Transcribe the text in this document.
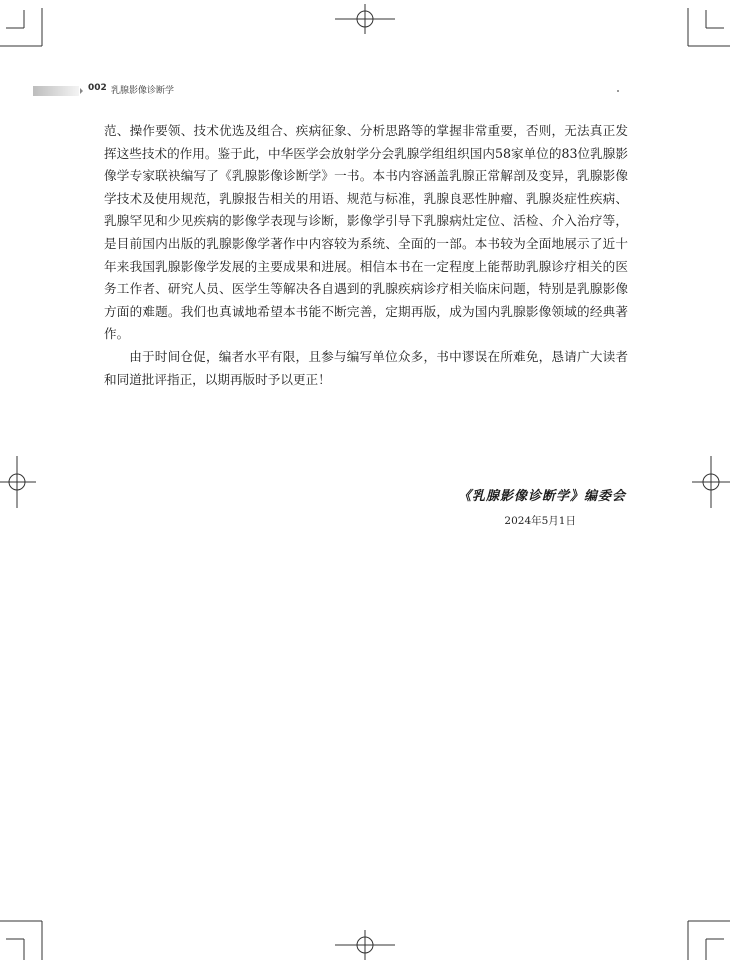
002 乳腺影像诊断学

范、操作要领、技术优选及组合、疾病征象、分析思路等的掌握非常重要，否则，无法真正发挥这些技术的作用。鉴于此，中华医学会放射学分会乳腺学组组织国内58家单位的83位乳腺影像学专家联袂编写了《乳腺影像诊断学》一书。本书内容涵盖乳腺正常解剖及变异，乳腺影像学技术及使用规范，乳腺报告相关的用语、规范与标准，乳腺良恶性肿瘤、乳腺炎症性疾病、乳腺罕见和少见疾病的影像学表现与诊断，影像学引导下乳腺病灶定位、活检、介入治疗等，是目前国内出版的乳腺影像学著作中内容较为系统、全面的一部。本书较为全面地展示了近十年来我国乳腺影像学发展的主要成果和进展。相信本书在一定程度上能帮助乳腺诊疗相关的医务工作者、研究人员、医学生等解决各自遇到的乳腺疾病诊疗相关临床问题，特别是乳腺影像方面的难题。我们也真诚地希望本书能不断完善，定期再版，成为国内乳腺影像领域的经典著作。

由于时间仓促，编者水平有限，且参与编写单位众多，书中谬误在所难免，恳请广大读者和同道批评指正，以期再版时予以更正！

《乳腺影像诊断学》编委会
2024年5月1日
